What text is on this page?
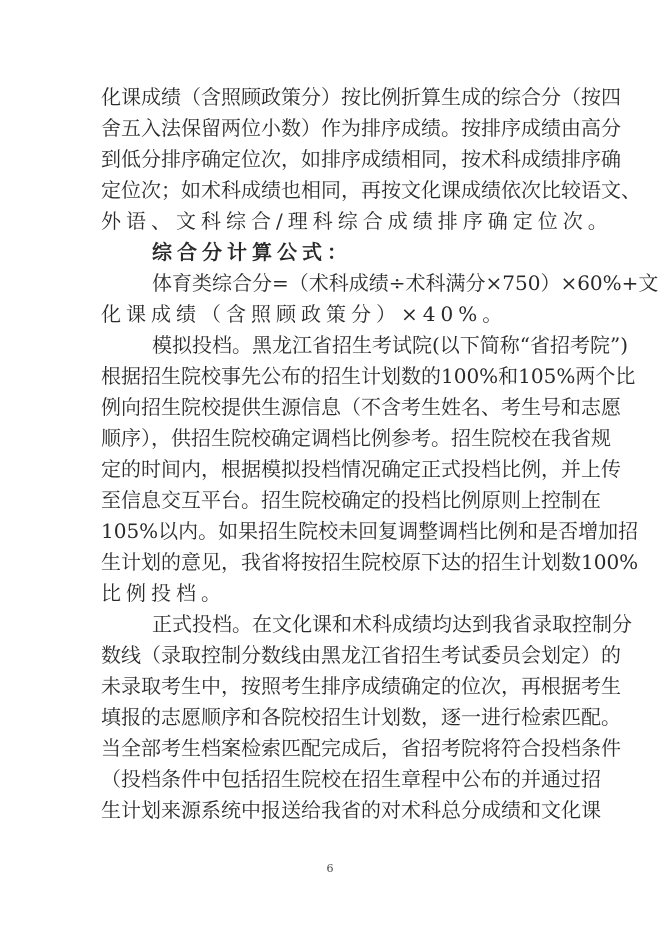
化课成绩（含照顾政策分）按比例折算生成的综合分（按四
舍五入法保留两位小数）作为排序成绩。按排序成绩由高分
到低分排序确定位次，如排序成绩相同，按术科成绩排序确
定位次；如术科成绩也相同，再按文化课成绩依次比较语文、
外语、文科综合/理科综合成绩排序确定位次。
综合分计算公式：
体育类综合分=（术科成绩÷术科满分×750）×60%+文
化课成绩（含照顾政策分）×40%。
模拟投档。黑龙江省招生考试院(以下简称“省招考院”)
根据招生院校事先公布的招生计划数的100%和105%两个比
例向招生院校提供生源信息（不含考生姓名、考生号和志愿
顺序），供招生院校确定调档比例参考。招生院校在我省规
定的时间内，根据模拟投档情况确定正式投档比例，并上传
至信息交互平台。招生院校确定的投档比例原则上控制在
105%以内。如果招生院校未回复调整调档比例和是否增加招
生计划的意见，我省将按招生院校原下达的招生计划数100%
比例投档。
正式投档。在文化课和术科成绩均达到我省录取控制分
数线（录取控制分数线由黑龙江省招生考试委员会划定）的
未录取考生中，按照考生排序成绩确定的位次，再根据考生
填报的志愿顺序和各院校招生计划数，逐一进行检索匹配。
当全部考生档案检索匹配完成后，省招考院将符合投档条件
（投档条件中包括招生院校在招生章程中公布的并通过招
生计划来源系统中报送给我省的对术科总分成绩和文化课
6
